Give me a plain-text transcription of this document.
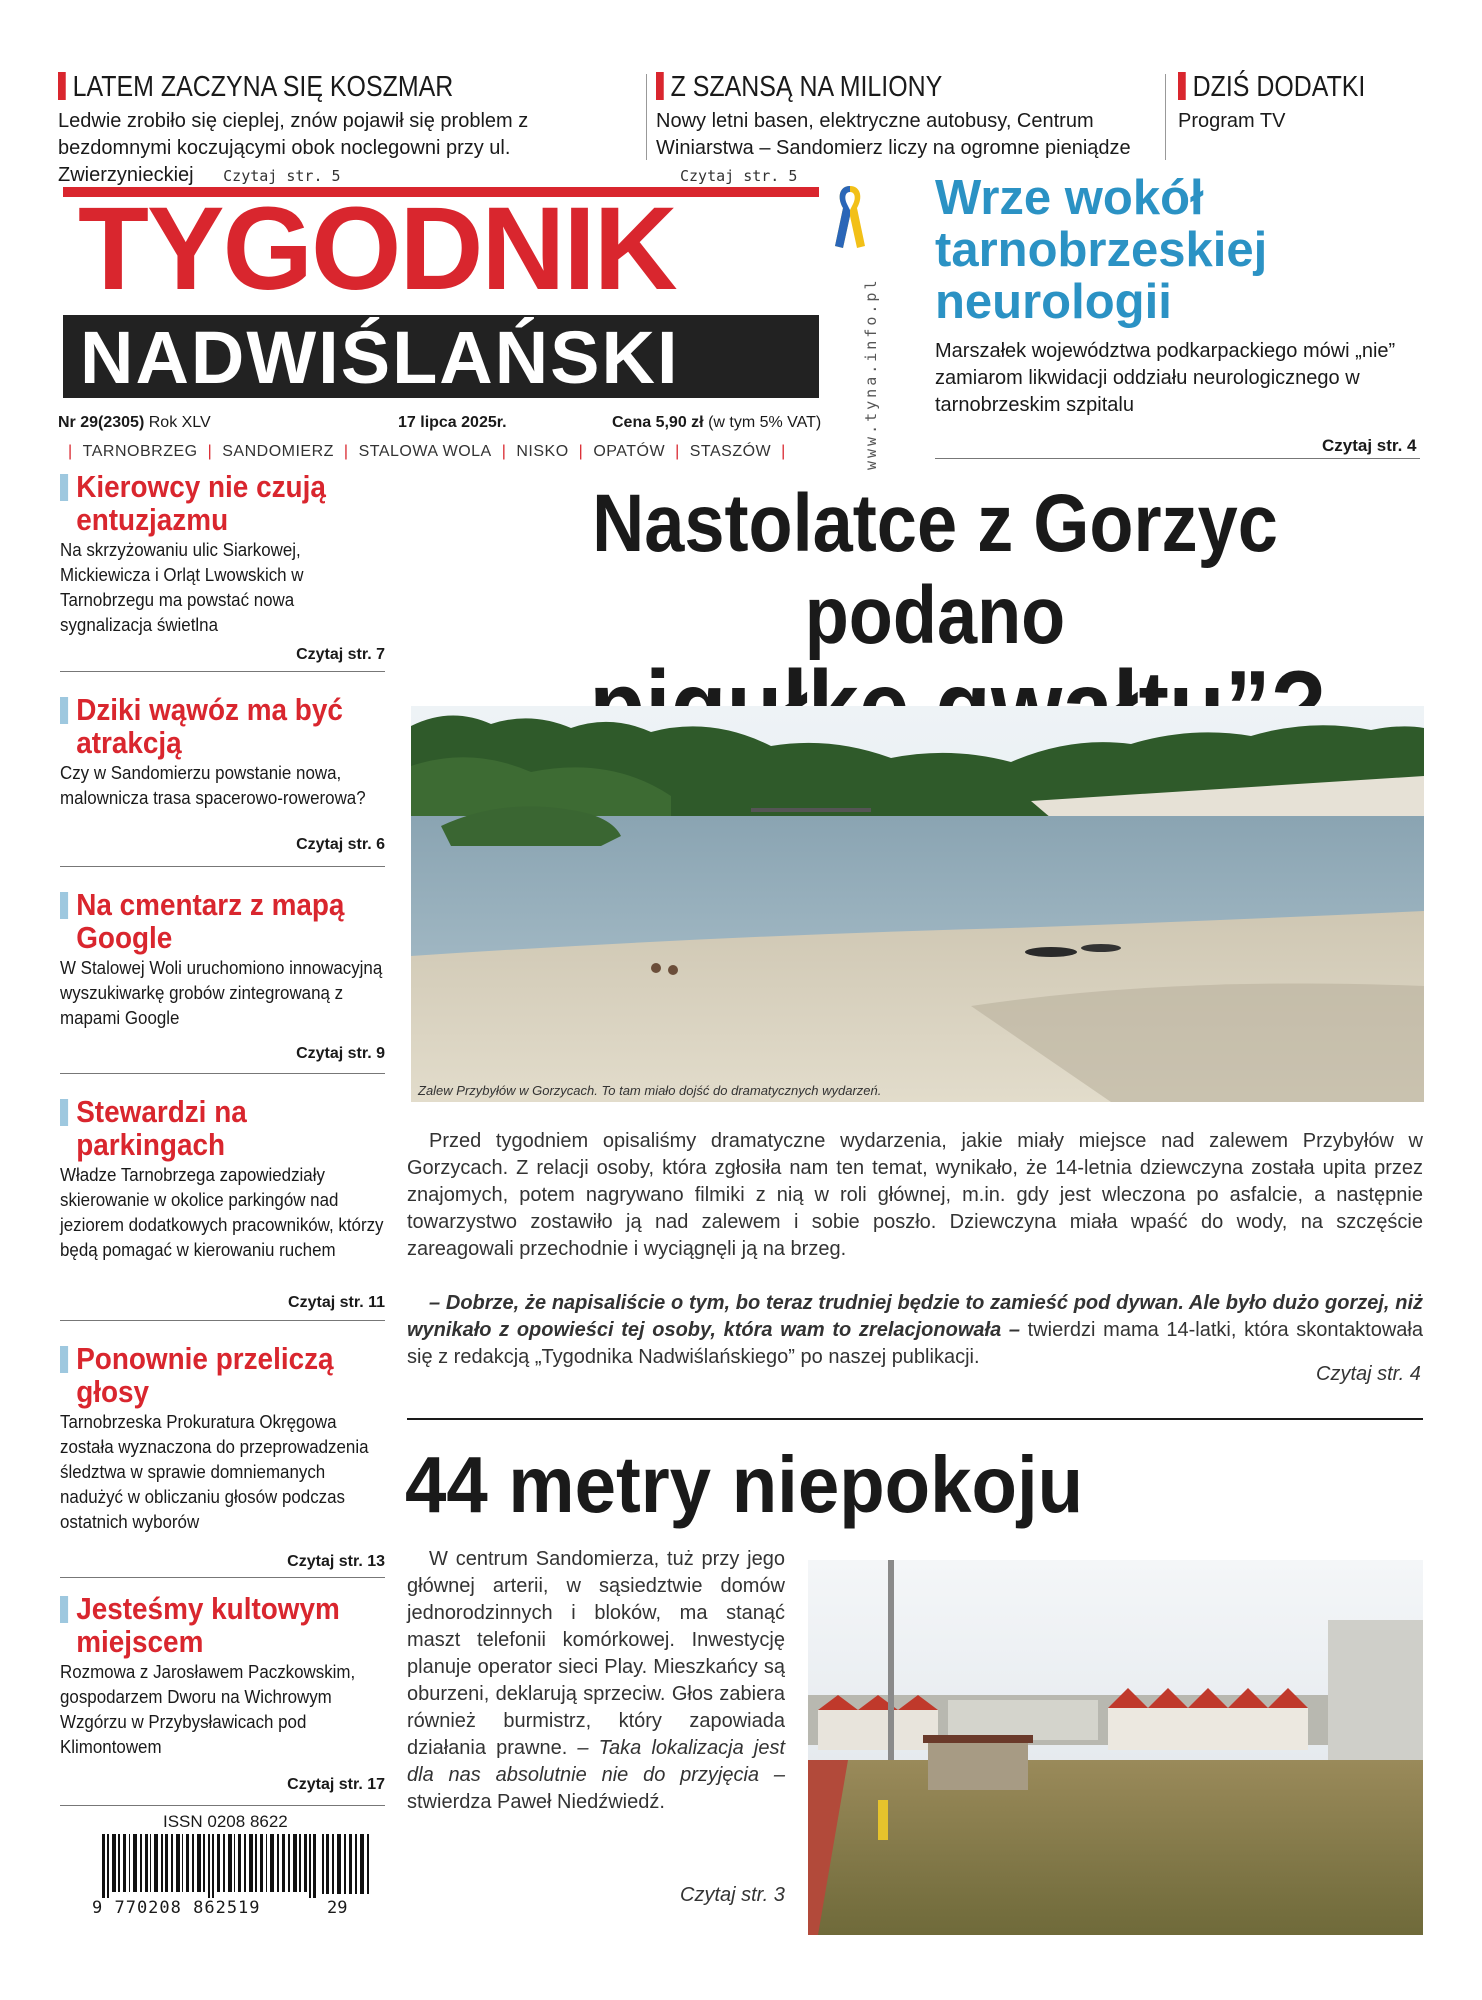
LATEM ZACZYNA SIĘ KOSZMAR
Ledwie zrobiło się cieplej, znów pojawił się problem z bezdomnymi koczującymi obok noclegowni przy ul. Zwierzynieckiej Czytaj str. 5
Z SZANSĄ NA MILIONY
Nowy letni basen, elektryczne autobusy, Centrum Winiarstwa – Sandomierz liczy na ogromne pieniądze Czytaj str. 5
DZIŚ DODATKI
Program TV
TYGODNIK
NADWIŚLAŃSKI	www.tyna.info.pl
Nr 29(2305) Rok XLV	17 lipca 2025r.	Cena 5,90 zł (w tym 5% VAT)
| TARNOBRZEG | SANDOMIERZ | STALOWA WOLA | NISKO | OPATÓW | STASZÓW |
Wrze wokół tarnobrzeskiej neurologii
Marszałek województwa podkarpackiego mówi „nie” zamiarom likwidacji oddziału neurologicznego w tarnobrzeskim szpitalu
Czytaj str. 4
Kierowcy nie czują entuzjazmu
Na skrzyżowaniu ulic Siarkowej, Mickiewicza i Orląt Lwowskich w Tarnobrzegu ma powstać nowa sygnalizacja świetlna
Czytaj str. 7
Dziki wąwóz ma być atrakcją
Czy w Sandomierzu powstanie nowa, malownicza trasa spacerowo-rowerowa?
Czytaj str. 6
Na cmentarz z mapą Google
W Stalowej Woli uruchomiono innowacyjną wyszukiwarkę grobów zintegrowaną z mapami Google
Czytaj str. 9
Stewardzi na parkingach
Władze Tarnobrzega zapowiedziały skierowanie w okolice parkingów nad jeziorem dodatkowych pracowników, którzy będą pomagać w kierowaniu ruchem
Czytaj str. 11
Ponownie przeliczą głosy
Tarnobrzeska Prokuratura Okręgowa została wyznaczona do przeprowadzenia śledztwa w sprawie domniemanych nadużyć w obliczaniu głosów podczas ostatnich wyborów
Czytaj str. 13
Jesteśmy kultowym miejscem
Rozmowa z Jarosławem Paczkowskim, gospodarzem Dworu na Wichrowym Wzgórzu w Przybysławicach pod Klimontowem
Czytaj str. 17
Nastolatce z Gorzyc podano
Zalew Przybyłów w Gorzycach. To tam miało dojść do dramatycznych wydarzeń.
Przed tygodniem opisaliśmy dramatyczne wydarzenia, jakie miały miejsce nad zalewem Przybyłów w Gorzycach. Z relacji osoby, która zgłosiła nam ten temat, wynikało, że 14-letnia dziewczyna została upita przez znajomych, potem nagrywano filmiki z nią w roli głównej, m.in. gdy jest wleczona po asfalcie, a następnie towarzystwo zostawiło ją nad zalewem i sobie poszło. Dziewczyna miała wpaść do wody, na szczęście zareagowali przechodnie i wyciągnęli ją na brzeg.
– Dobrze, że napisaliście o tym, bo teraz trudniej będzie to zamieść pod dywan. Ale było dużo gorzej, niż wynikało z opowieści tej osoby, która wam to zrelacjonowała – twierdzi mama 14-latki, która skontaktowała się z redakcją „Tygodnika Nadwiślańskiego” po naszej publikacji.
Czytaj str. 4
44 metry niepokoju
W centrum Sandomierza, tuż przy jego głównej arterii, w sąsiedztwie domów jednorodzinnych i bloków, ma stanąć maszt telefonii komórkowej. Inwestycję planuje operator sieci Play. Mieszkańcy są oburzeni, deklarują sprzeciw. Głos zabiera również burmistrz, który zapowiada działania prawne. – Taka lokalizacja jest dla nas absolutnie nie do przyjęcia – stwierdza Paweł Niedźwiedź.
Czytaj str. 3
ISSN 0208 8622
9 770208 862519	29
